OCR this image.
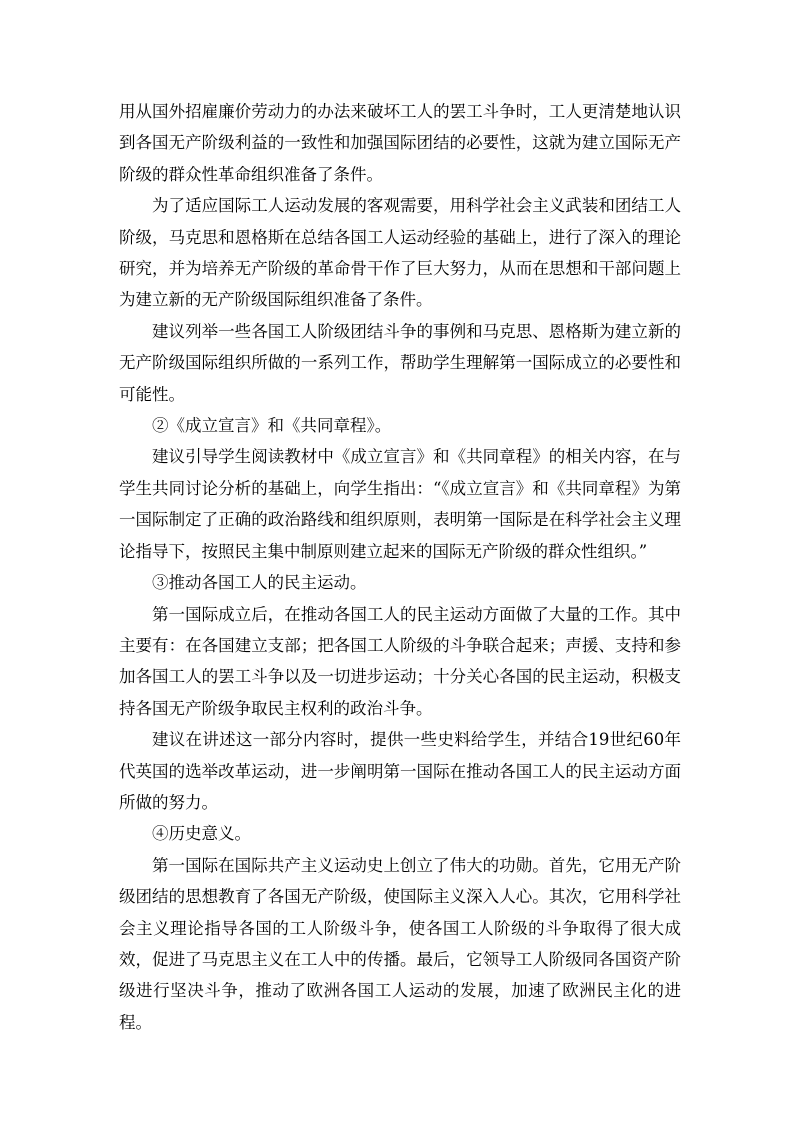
用从国外招雇廉价劳动力的办法来破坏工人的罢工斗争时，工人更清楚地认识到各国无产阶级利益的一致性和加强国际团结的必要性，这就为建立国际无产阶级的群众性革命组织准备了条件。

为了适应国际工人运动发展的客观需要，用科学社会主义武装和团结工人阶级，马克思和恩格斯在总结各国工人运动经验的基础上，进行了深入的理论研究，并为培养无产阶级的革命骨干作了巨大努力，从而在思想和干部问题上为建立新的无产阶级国际组织准备了条件。

建议列举一些各国工人阶级团结斗争的事例和马克思、恩格斯为建立新的无产阶级国际组织所做的一系列工作，帮助学生理解第一国际成立的必要性和可能性。

②《成立宣言》和《共同章程》。

建议引导学生阅读教材中《成立宣言》和《共同章程》的相关内容，在与学生共同讨论分析的基础上，向学生指出：“《成立宣言》和《共同章程》为第一国际制定了正确的政治路线和组织原则，表明第一国际是在科学社会主义理论指导下，按照民主集中制原则建立起来的国际无产阶级的群众性组织。”

③推动各国工人的民主运动。

第一国际成立后，在推动各国工人的民主运动方面做了大量的工作。其中主要有：在各国建立支部；把各国工人阶级的斗争联合起来；声援、支持和参加各国工人的罢工斗争以及一切进步运动；十分关心各国的民主运动，积极支持各国无产阶级争取民主权利的政治斗争。

建议在讲述这一部分内容时，提供一些史料给学生，并结合19世纪60年代英国的选举改革运动，进一步阐明第一国际在推动各国工人的民主运动方面所做的努力。

④历史意义。

第一国际在国际共产主义运动史上创立了伟大的功勋。首先，它用无产阶级团结的思想教育了各国无产阶级，使国际主义深入人心。其次，它用科学社会主义理论指导各国的工人阶级斗争，使各国工人阶级的斗争取得了很大成效，促进了马克思主义在工人中的传播。最后，它领导工人阶级同各国资产阶级进行坚决斗争，推动了欧洲各国工人运动的发展，加速了欧洲民主化的进程。
